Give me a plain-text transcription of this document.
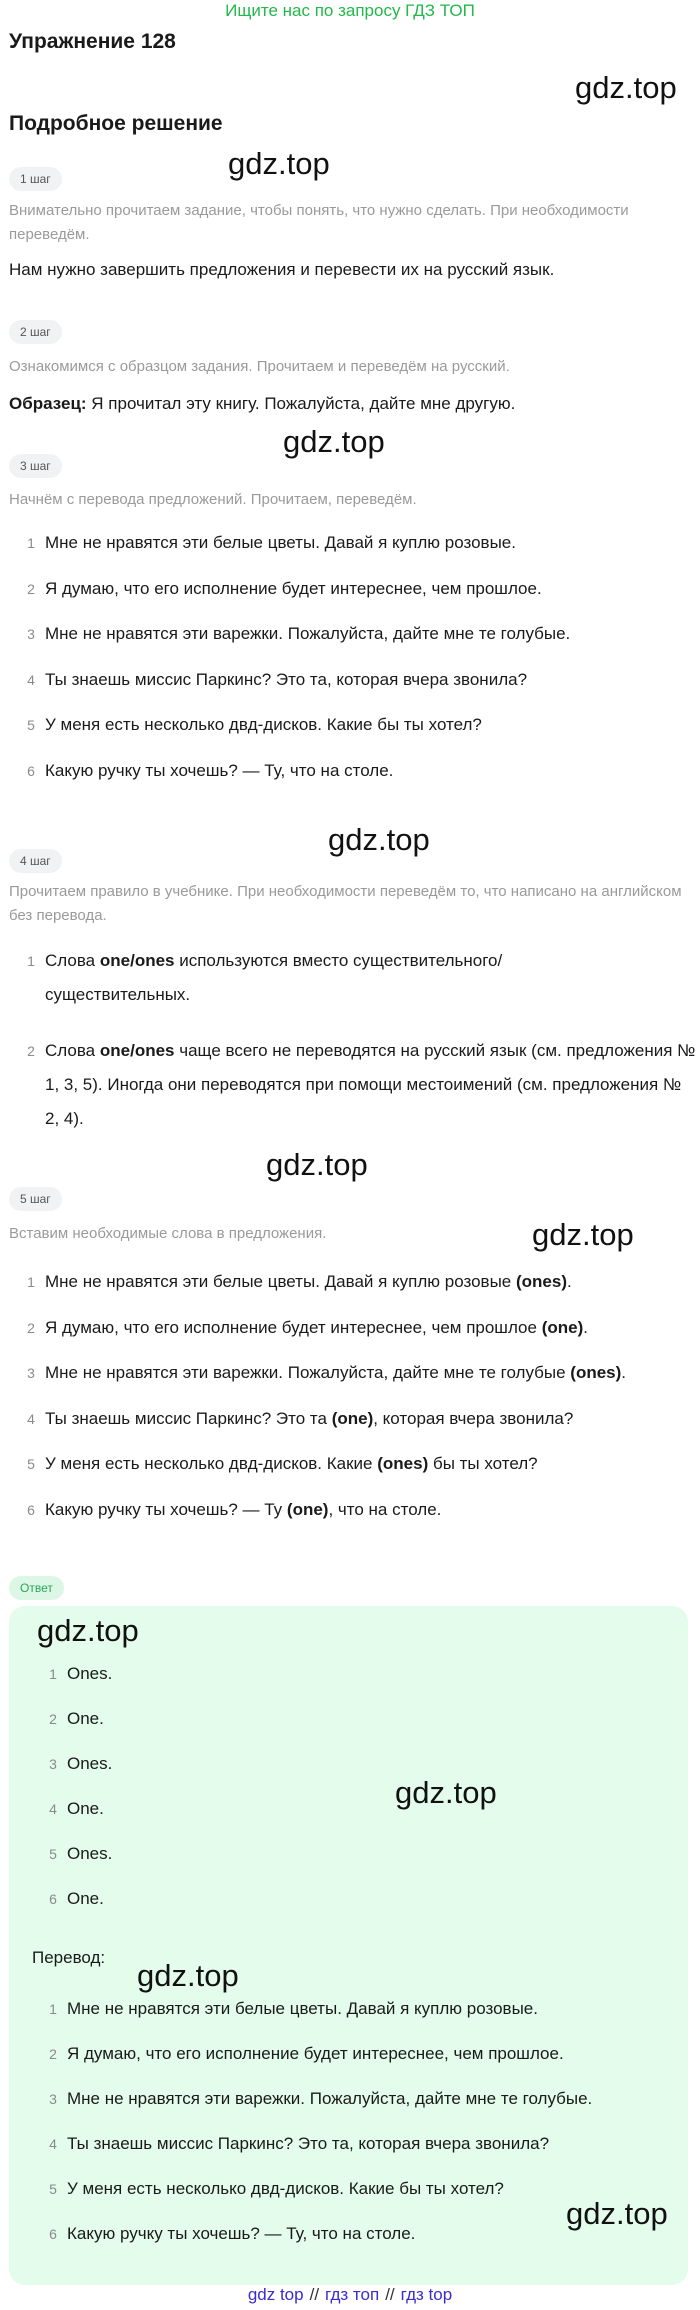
Ищите нас по запросу ГДЗ ТОП
Упражнение 128
gdz.top
Подробное решение
gdz.top
1 шаг
Внимательно прочитаем задание, чтобы понять, что нужно сделать. При необходимости переведём.
Нам нужно завершить предложения и перевести их на русский язык.
2 шаг
Ознакомимся с образцом задания. Прочитаем и переведём на русский.
Образец: Я прочитал эту книгу. Пожалуйста, дайте мне другую.
gdz.top
3 шаг
Начнём с перевода предложений. Прочитаем, переведём.
1 Мне не нравятся эти белые цветы. Давай я куплю розовые.
2 Я думаю, что его исполнение будет интереснее, чем прошлое.
3 Мне не нравятся эти варежки. Пожалуйста, дайте мне те голубые.
4 Ты знаешь миссис Паркинс? Это та, которая вчера звонила?
5 У меня есть несколько двд-дисков. Какие бы ты хотел?
6 Какую ручку ты хочешь? — Ту, что на столе.
gdz.top
4 шаг
Прочитаем правило в учебнике. При необходимости переведём то, что написано на английском без перевода.
1 Слова one/ones используются вместо существительного/существительных.
2 Слова one/ones чаще всего не переводятся на русский язык (см. предложения № 1, 3, 5). Иногда они переводятся при помощи местоимений (см. предложения № 2, 4).
gdz.top
5 шаг
Вставим необходимые слова в предложения.	gdz.top
1 Мне не нравятся эти белые цветы. Давай я куплю розовые (ones).
2 Я думаю, что его исполнение будет интереснее, чем прошлое (one).
3 Мне не нравятся эти варежки. Пожалуйста, дайте мне те голубые (ones).
4 Ты знаешь миссис Паркинс? Это та (one), которая вчера звонила?
5 У меня есть несколько двд-дисков. Какие (ones) бы ты хотел?
6 Какую ручку ты хочешь? — Ту (one), что на столе.
Ответ
gdz.top
1 Ones.
2 One.
3 Ones.
4 One.
5 Ones.
6 One.
gdz.top
Перевод:
gdz.top
1 Мне не нравятся эти белые цветы. Давай я куплю розовые.
2 Я думаю, что его исполнение будет интереснее, чем прошлое.
3 Мне не нравятся эти варежки. Пожалуйста, дайте мне те голубые.
4 Ты знаешь миссис Паркинс? Это та, которая вчера звонила?
5 У меня есть несколько двд-дисков. Какие бы ты хотел?
6 Какую ручку ты хочешь? — Ту, что на столе.
gdz.top
gdz top // гдз топ // гдз top
